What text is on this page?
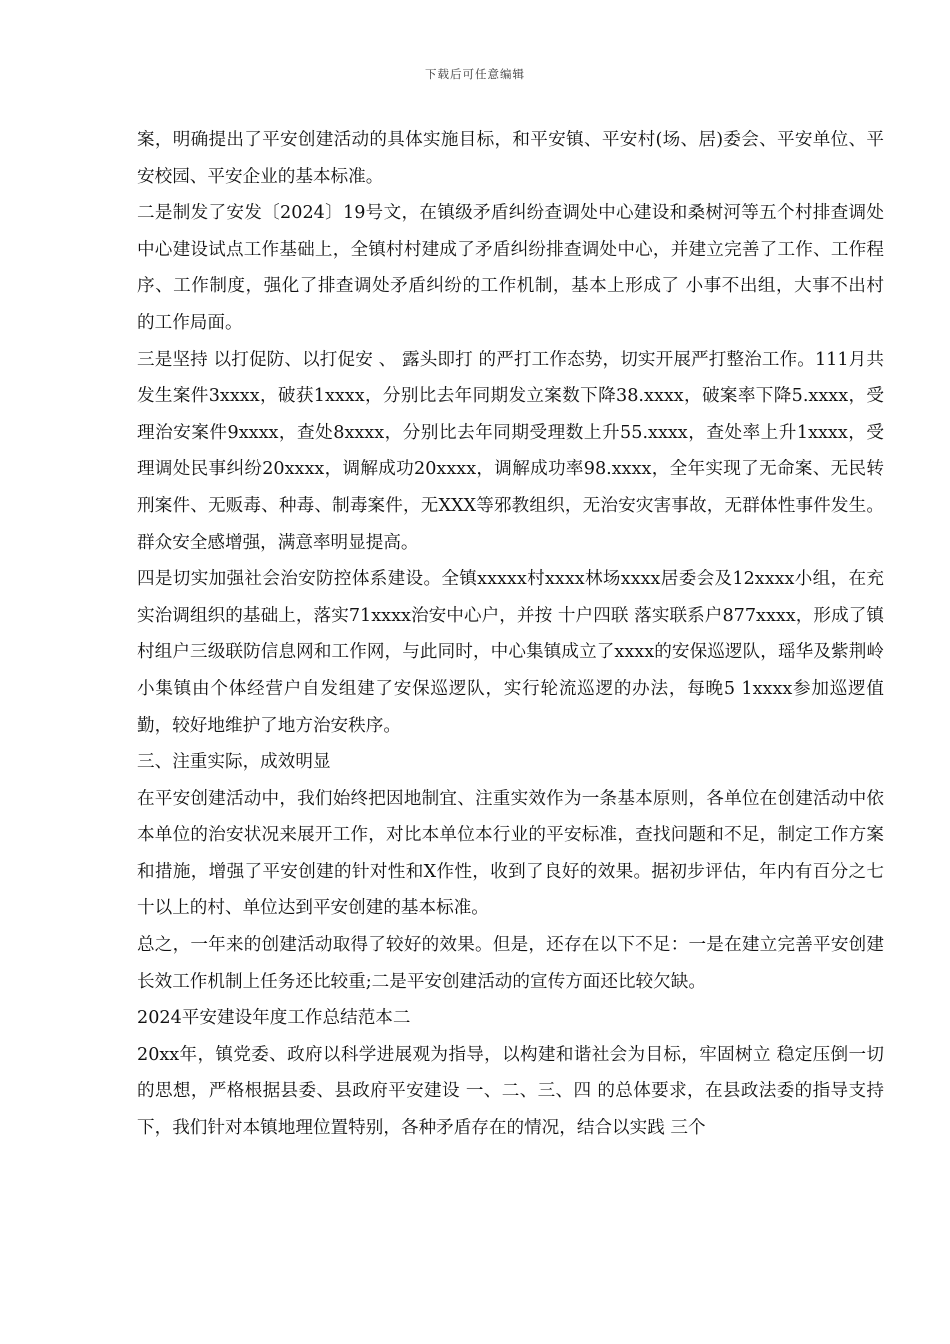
下载后可任意编辑

案，明确提出了平安创建活动的具体实施目标，和平安镇、平安村(场、居)委会、平安单位、平安校园、平安企业的基本标准。

二是制发了安发〔2024〕19号文，在镇级矛盾纠纷查调处中心建设和桑树河等五个村排查调处中心建设试点工作基础上，全镇村村建成了矛盾纠纷排查调处中心，并建立完善了工作、工作程序、工作制度，强化了排查调处矛盾纠纷的工作机制，基本上形成了 小事不出组，大事不出村 的工作局面。

三是坚持 以打促防、以打促安 、 露头即打 的严打工作态势，切实开展严打整治工作。111月共发生案件3xxxx，破获1xxxx，分别比去年同期发立案数下降38.xxxx，破案率下降5.xxxx，受理治安案件9xxxx，查处8xxxx，分别比去年同期受理数上升55.xxxx，查处率上升1xxxx，受理调处民事纠纷20xxxx，调解成功20xxxx，调解成功率98.xxxx，全年实现了无命案、无民转刑案件、无贩毒、种毒、制毒案件，无XXX等邪教组织，无治安灾害事故，无群体性事件发生。群众安全感增强，满意率明显提高。

四是切实加强社会治安防控体系建设。全镇xxxxx村xxxx林场xxxx居委会及12xxxx小组，在充实治调组织的基础上，落实71xxxx治安中心户，并按 十户四联 落实联系户877xxxx，形成了镇村组户三级联防信息网和工作网，与此同时，中心集镇成立了xxxx的安保巡逻队，瑶华及紫荆岭小集镇由个体经营户自发组建了安保巡逻队，实行轮流巡逻的办法，每晚5 1xxxx参加巡逻值勤，较好地维护了地方治安秩序。

三、注重实际，成效明显

在平安创建活动中，我们始终把因地制宜、注重实效作为一条基本原则，各单位在创建活动中依本单位的治安状况来展开工作，对比本单位本行业的平安标准，查找问题和不足，制定工作方案和措施，增强了平安创建的针对性和X作性，收到了良好的效果。据初步评估，年内有百分之七十以上的村、单位达到平安创建的基本标准。

总之，一年来的创建活动取得了较好的效果。但是，还存在以下不足：一是在建立完善平安创建长效工作机制上任务还比较重;二是平安创建活动的宣传方面还比较欠缺。

2024平安建设年度工作总结范本二

20xx年，镇党委、政府以科学进展观为指导，以构建和谐社会为目标，牢固树立 稳定压倒一切 的思想，严格根据县委、县政府平安建设 一、二、三、四 的总体要求，在县政法委的指导支持下，我们针对本镇地理位置特别，各种矛盾存在的情况，结合以实践 三个
